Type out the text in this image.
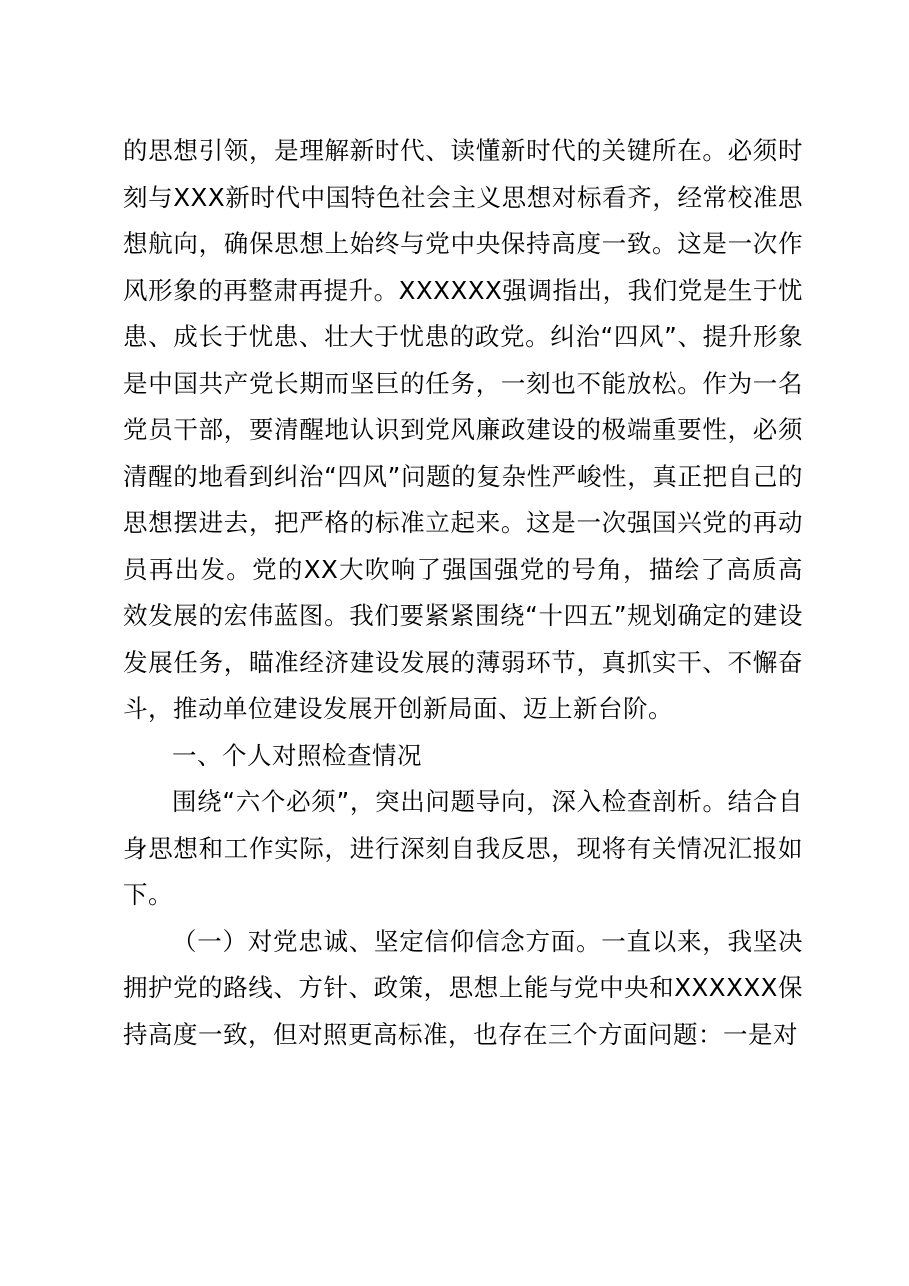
的思想引领，是理解新时代、读懂新时代的关键所在。必须时刻与XXX新时代中国特色社会主义思想对标看齐，经常校准思想航向，确保思想上始终与党中央保持高度一致。这是一次作风形象的再整肃再提升。XXXXXX强调指出，我们党是生于忧患、成长于忧患、壮大于忧患的政党。纠治“四风”、提升形象是中国共产党长期而坚巨的任务，一刻也不能放松。作为一名党员干部，要清醒地认识到党风廉政建设的极端重要性，必须清醒的地看到纠治“四风”问题的复杂性严峻性，真正把自己的思想摆进去，把严格的标准立起来。这是一次强国兴党的再动员再出发。党的XX大吹响了强国强党的号角，描绘了高质高效发展的宏伟蓝图。我们要紧紧围绕“十四五”规划确定的建设发展任务，瞄准经济建设发展的薄弱环节，真抓实干、不懈奋斗，推动单位建设发展开创新局面、迈上新台阶。

一、个人对照检查情况

围绕“六个必须”，突出问题导向，深入检查剖析。结合自身思想和工作实际，进行深刻自我反思，现将有关情况汇报如下。

（一）对党忠诚、坚定信仰信念方面。一直以来，我坚决拥护党的路线、方针、政策，思想上能与党中央和XXXXXX保持高度一致，但对照更高标准，也存在三个方面问题：一是对
